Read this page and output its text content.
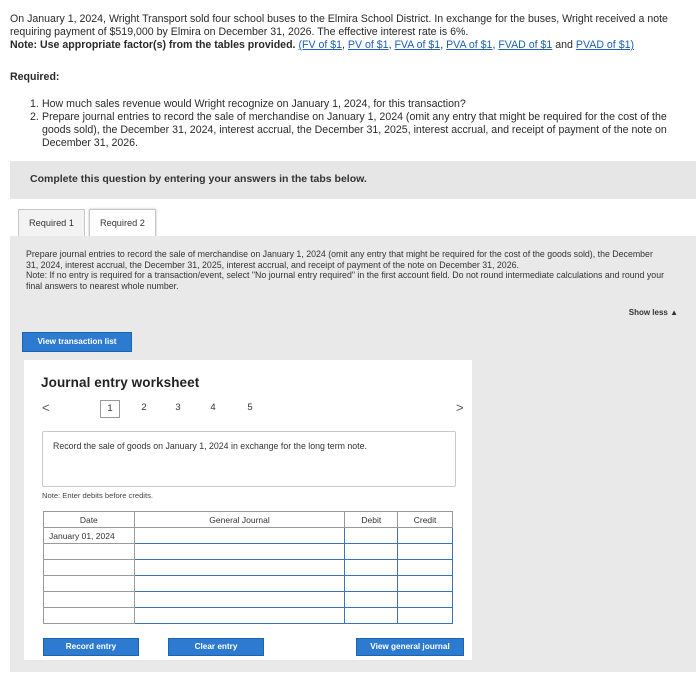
On January 1, 2024, Wright Transport sold four school buses to the Elmira School District. In exchange for the buses, Wright received a note requiring payment of $519,000 by Elmira on December 31, 2026. The effective interest rate is 6%.
Note: Use appropriate factor(s) from the tables provided. (FV of $1, PV of $1, FVA of $1, PVA of $1, FVAD of $1 and PVAD of $1)
Required:
1. How much sales revenue would Wright recognize on January 1, 2024, for this transaction?
2. Prepare journal entries to record the sale of merchandise on January 1, 2024 (omit any entry that might be required for the cost of the goods sold), the December 31, 2024, interest accrual, the December 31, 2025, interest accrual, and receipt of payment of the note on December 31, 2026.
Complete this question by entering your answers in the tabs below.
Required 1	Required 2
Prepare journal entries to record the sale of merchandise on January 1, 2024 (omit any entry that might be required for the cost of the goods sold), the December 31, 2024, interest accrual, the December 31, 2025, interest accrual, and receipt of payment of the note on December 31, 2026.
Note: If no entry is required for a transaction/event, select "No journal entry required" in the first account field. Do not round intermediate calculations and round your final answers to nearest whole number.
Show less ▲
View transaction list
Journal entry worksheet
<	1	2	3	4	5	>
Record the sale of goods on January 1, 2024 in exchange for the long term note.
Note: Enter debits before credits.
Date	General Journal	Debit	Credit
January 01, 2024			

Record entry	Clear entry	View general journal
